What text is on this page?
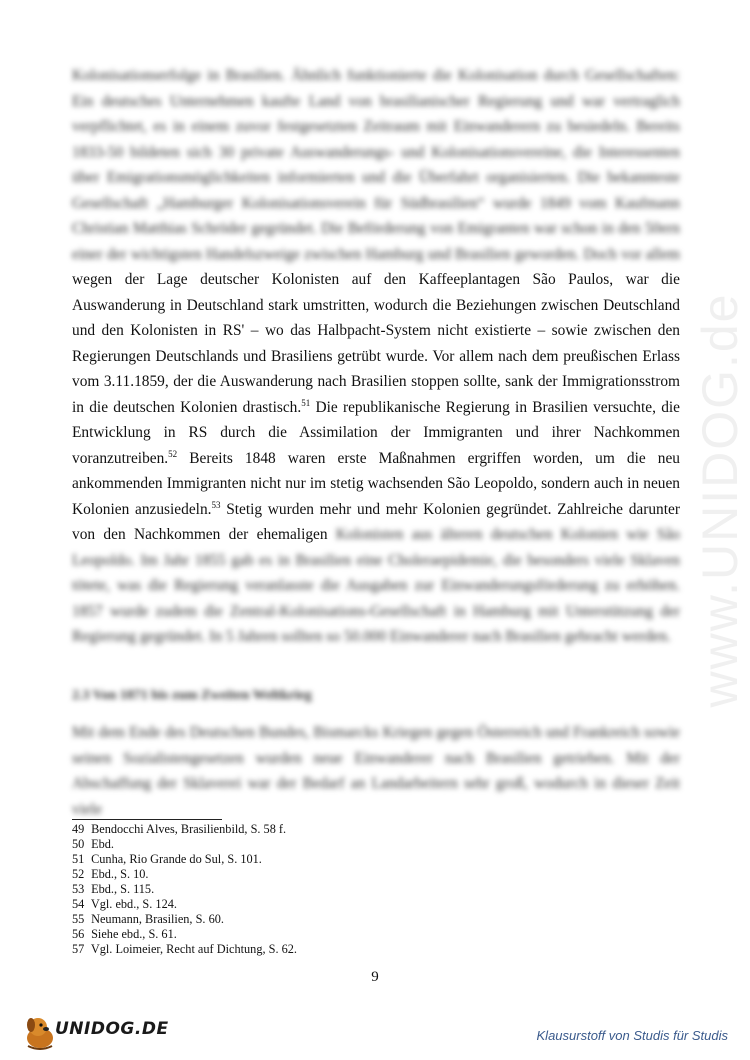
www.UNIDOG.de
Kolonisationserfolge in Brasilien. Ähnlich funktionierte die Kolonisation durch Gesellschaften: Ein deutsches Unternehmen kaufte Land von brasilianischer Regierung und war vertraglich verpflichtet, es in einem zuvor festgesetzten Zeitraum mit Einwanderern zu besiedeln. Bereits 1833-50 bildeten sich 30 private Auswanderungs- und Kolonisationsvereine, die Interessenten über Emigrationsmöglichkeiten informierten und die Überfahrt organisierten. Die bekannteste Gesellschaft „Hamburger Kolonisationsverein für Südbrasilien“ wurde 1849 vom Kaufmann Christian Matthias Schröder gegründet. Die Beförderung von Emigranten war schon in den 50ern einer der wichtigsten Handelszweige zwischen Hamburg und Brasilien geworden. Doch vor allem wegen der Lage deutscher Kolonisten auf den Kaffeeplantagen São Paulos, war die Auswanderung in Deutschland stark umstritten, wodurch die Beziehungen zwischen Deutschland und den Kolonisten in RS' – wo das Halbpacht-System nicht existierte – sowie zwischen den Regierungen Deutschlands und Brasiliens getrübt wurde. Vor allem nach dem preußischen Erlass vom 3.11.1859, der die Auswanderung nach Brasilien stoppen sollte, sank der Immigrationsstrom in die deutschen Kolonien drastisch.$^{51}$ Die republikanische Regierung in Brasilien versuchte, die Entwicklung in RS durch die Assimilation der Immigranten und ihrer Nachkommen voranzutreiben.$^{52}$ Bereits 1848 waren erste Maßnahmen ergriffen worden, um die neu ankommenden Immigranten nicht nur im stetig wachsenden São Leopoldo, sondern auch in neuen Kolonien anzusiedeln.$^{53}$ Stetig wurden mehr und mehr Kolonien gegründet. Zahlreiche darunter von den Nachkommen der ehemaligen Kolonisten aus älteren deutschen Kolonien wie São Leopoldo. Im Jahr 1855 gab es in Brasilien eine Choleraepidemie, die besonders viele Sklaven tötete, was die Regierung veranlasste die Ausgaben zur Einwanderungsförderung zu erhöhen. 1857 wurde zudem die Zentral-Kolonisations-Gesellschaft in Hamburg mit Unterstützung der Regierung gegründet. In 5 Jahren sollten so 50.000 Einwanderer nach Brasilien gebracht werden.
2.3 Von 1871 bis zum Zweiten Weltkrieg
Mit dem Ende des Deutschen Bundes, Bismarcks Kriegen gegen Österreich und Frankreich sowie seinen Sozialistengesetzen wurden neue Einwanderer nach Brasilien getrieben. Mit der Abschaffung der Sklaverei war der Bedarf an Landarbeitern sehr groß, wodurch in dieser Zeit viele
49 Bendocchi Alves, Brasilienbild, S. 58 f.
50 Ebd.
51 Cunha, Rio Grande do Sul, S. 101.
52 Ebd., S. 10.
53 Ebd., S. 115.
54 Vgl. ebd., S. 124.
55 Neumann, Brasilien, S. 60.
56 Siehe ebd., S. 61.
57 Vgl. Loimeier, Recht auf Dichtung, S. 62.
9
UNIDOG.DE	Klausurstoff von Studis für Studis
